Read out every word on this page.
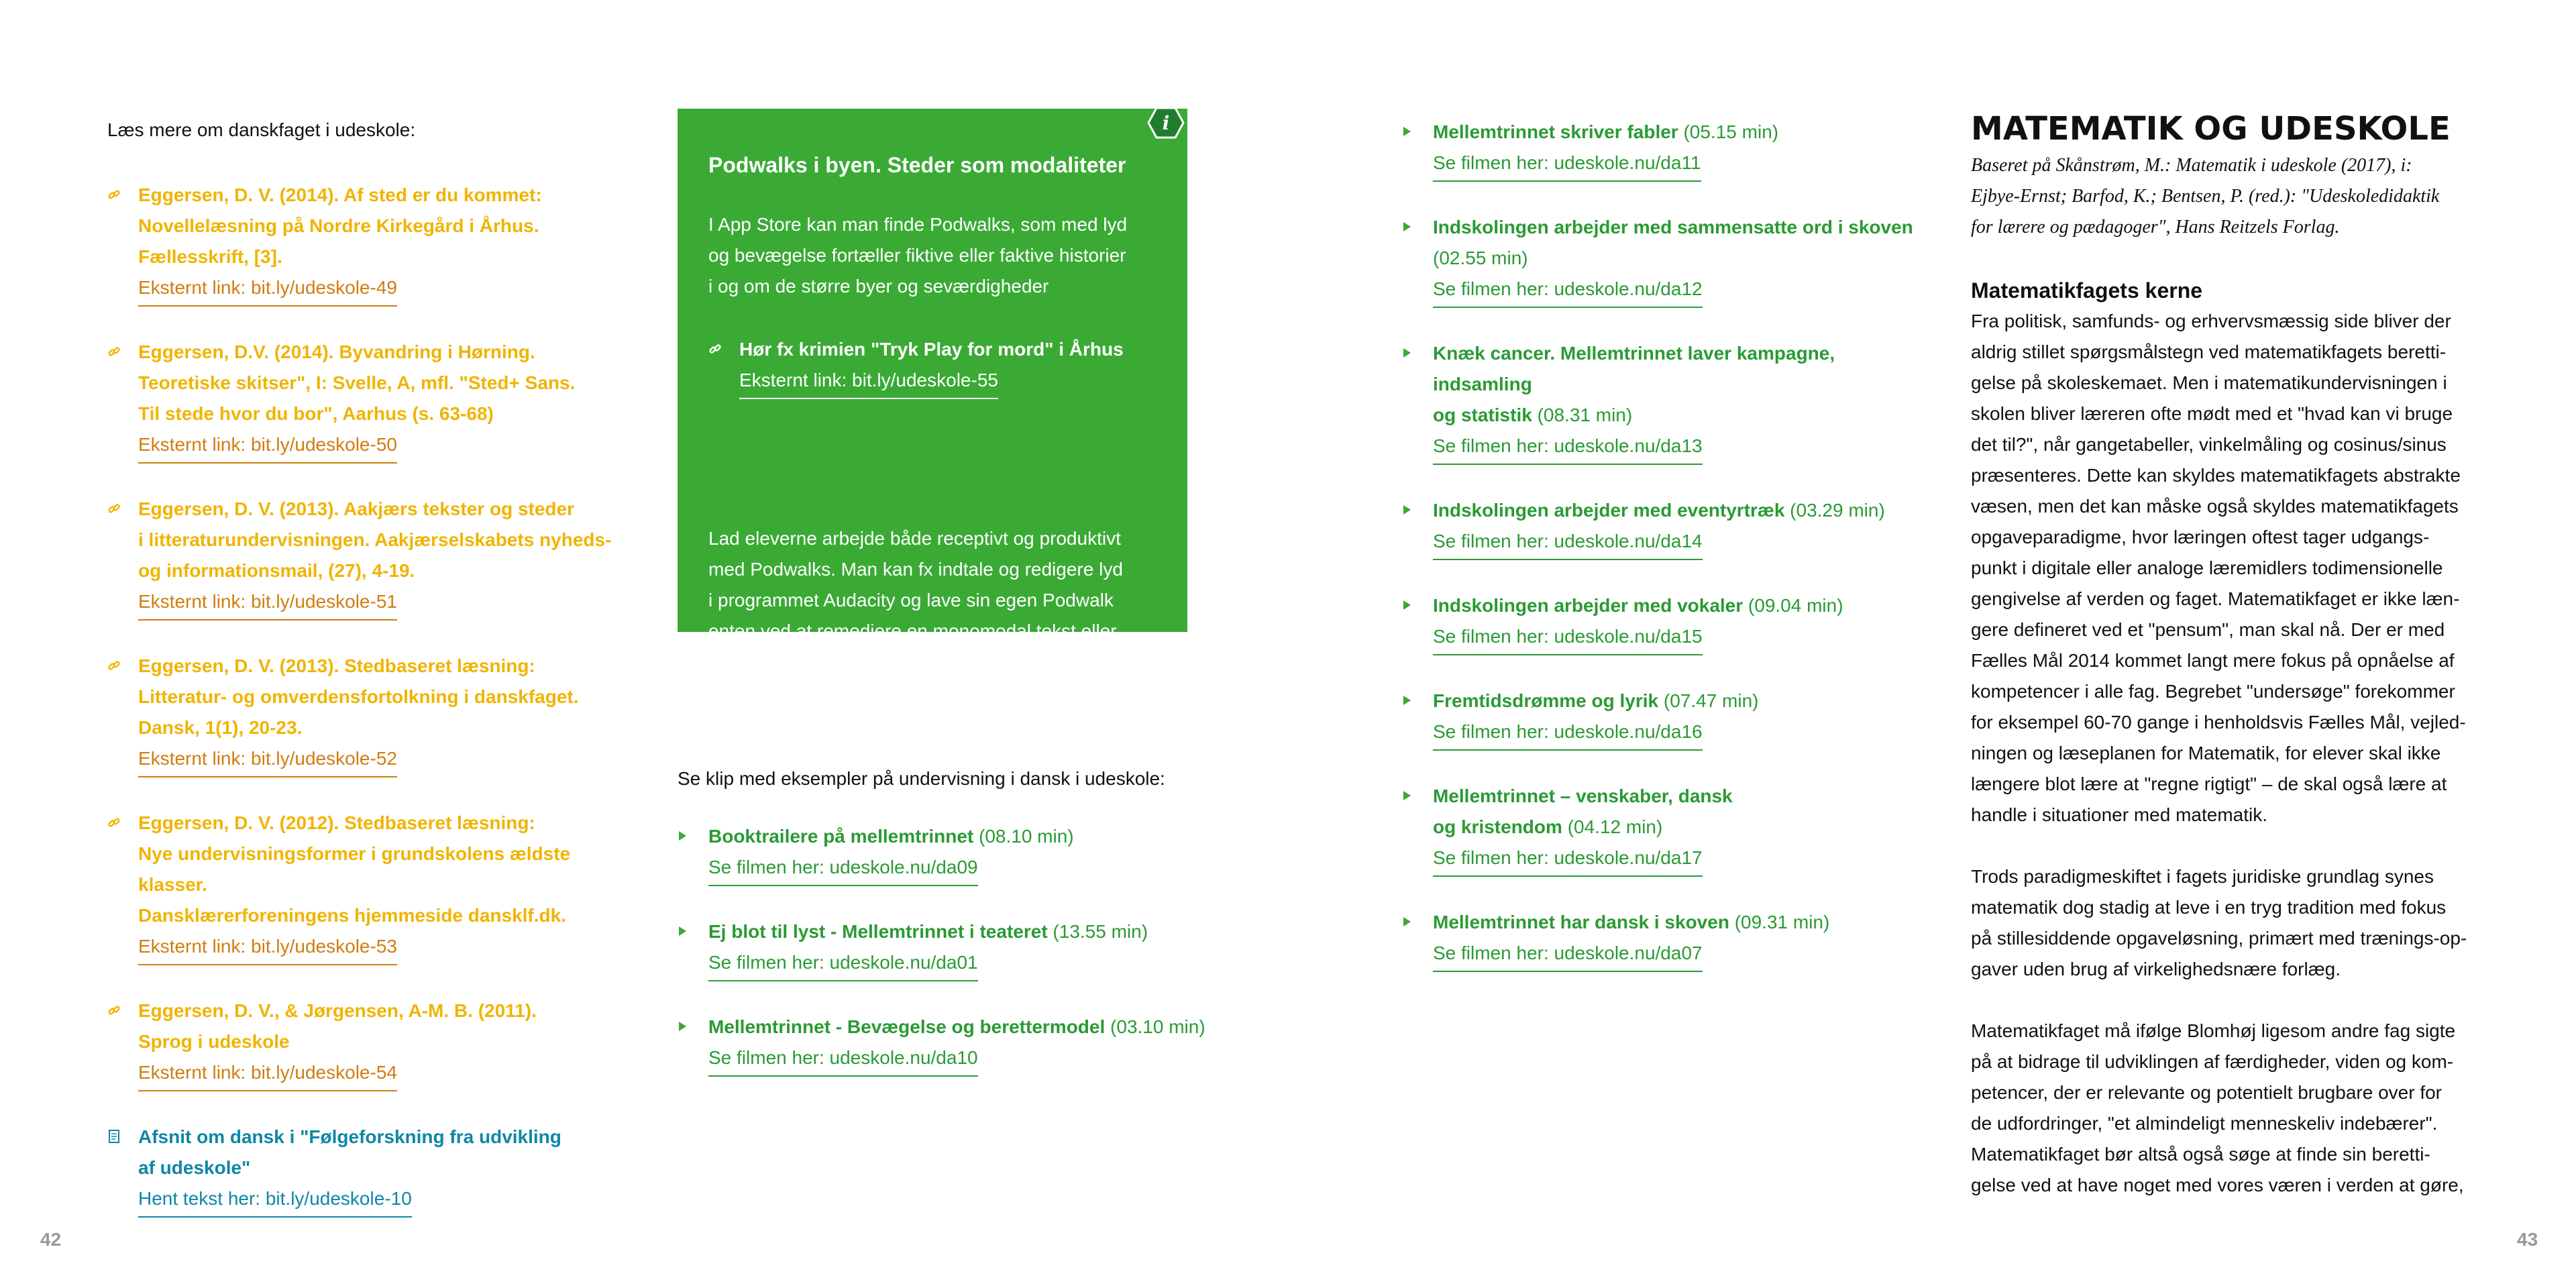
Læs mere om danskfaget i udeskole:

Eggersen, D. V. (2014). Af sted er du kommet:
Novellelæsning på Nordre Kirkegård i Århus.
Fællesskrift, [3].
Eksternt link: bit.ly/udeskole-49
Eggersen, D.V. (2014). Byvandring i Hørning.
Teoretiske skitser", I: Svelle, A, mfl. "Sted+ Sans.
Til stede hvor du bor", Aarhus (s. 63-68)
Eksternt link: bit.ly/udeskole-50
Eggersen, D. V. (2013). Aakjærs tekster og steder
i litteraturundervisningen. Aakjærselskabets nyheds-
og informationsmail, (27), 4-19.
Eksternt link: bit.ly/udeskole-51
Eggersen, D. V. (2013). Stedbaseret læsning:
Litteratur- og omverdensfortolkning i danskfaget.
Dansk, 1(1), 20-23.
Eksternt link: bit.ly/udeskole-52
Eggersen, D. V. (2012). Stedbaseret læsning:
Nye undervisningsformer i grundskolens ældste klasser.
Dansklærerforeningens hjemmeside dansklf.dk.
Eksternt link: bit.ly/udeskole-53
Eggersen, D. V., & Jørgensen, A-M. B. (2011).
Sprog i udeskole
Eksternt link: bit.ly/udeskole-54
Afsnit om dansk i "Følgeforskning fra udvikling
af udeskole"
Hent tekst her: bit.ly/udeskole-10
i
Podwalks i byen. Steder som modaliteter

I App Store kan man finde Podwalks, som med lyd
og bevægelse fortæller fiktive eller faktive historier
i og om de større byer og seværdigheder

Hør fx krimien "Tryk Play for mord" i Århus
Eksternt link: bit.ly/udeskole-55

Lad eleverne arbejde både receptivt og produktivt
med Podwalks. Man kan fx indtale og redigere lyd
i programmet Audacity og lave sin egen Podwalk
enten ved at remediere en monomodal tekst eller
ved at indspillesin egen.

Se klip med eksempler på undervisning i dansk i udeskole:

Booktrailere på mellemtrinnet (08.10 min)
Se filmen her: udeskole.nu/da09
Ej blot til lyst - Mellemtrinnet i teateret (13.55 min)
Se filmen her: udeskole.nu/da01
Mellemtrinnet - Bevægelse og berettermodel (03.10 min)
Se filmen her: udeskole.nu/da10
Mellemtrinnet skriver fabler (05.15 min)
Se filmen her: udeskole.nu/da11
Indskolingen arbejder med sammensatte ord i skoven
(02.55 min)
Se filmen her: udeskole.nu/da12
Knæk cancer. Mellemtrinnet laver kampagne, indsamling
og statistik (08.31 min)
Se filmen her: udeskole.nu/da13
Indskolingen arbejder med eventyrtræk (03.29 min)
Se filmen her: udeskole.nu/da14
Indskolingen arbejder med vokaler (09.04 min)
Se filmen her: udeskole.nu/da15
Fremtidsdrømme og lyrik (07.47 min)
Se filmen her: udeskole.nu/da16
Mellemtrinnet – venskaber, dansk
og kristendom (04.12 min)
Se filmen her: udeskole.nu/da17
Mellemtrinnet har dansk i skoven (09.31 min)
Se filmen her: udeskole.nu/da07
MATEMATIK OG UDESKOLE

Baseret på Skånstrøm, M.: Matematik i udeskole (2017), i:
Ejbye-Ernst; Barfod, K.; Bentsen, P. (red.): "Udeskoledidaktik
for lærere og pædagoger", Hans Reitzels Forlag.

Matematikfagets kerne

Fra politisk, samfunds- og erhvervsmæssig side bliver der
aldrig stillet spørgsmålstegn ved matematikfagets beretti-
gelse på skoleskemaet. Men i matematikundervisningen i
skolen bliver læreren ofte mødt med et "hvad kan vi bruge
det til?", når gangetabeller, vinkelmåling og cosinus/sinus
præsenteres. Dette kan skyldes matematikfagets abstrakte
væsen, men det kan måske også skyldes matematikfagets
opgaveparadigme, hvor læringen oftest tager udgangs-
punkt i digitale eller analoge læremidlers todimensionelle
gengivelse af verden og faget. Matematikfaget er ikke læn-
gere defineret ved et "pensum", man skal nå. Der er med
Fælles Mål 2014 kommet langt mere fokus på opnåelse af
kompetencer i alle fag. Begrebet "undersøge" forekommer
for eksempel 60-70 gange i henholdsvis Fælles Mål, vejled-
ningen og læseplanen for Matematik, for elever skal ikke
længere blot lære at "regne rigtigt" – de skal også lære at
handle i situationer med matematik.

Trods paradigmeskiftet i fagets juridiske grundlag synes
matematik dog stadig at leve i en tryg tradition med fokus
på stillesiddende opgaveløsning, primært med trænings-op-
gaver uden brug af virkelighedsnære forlæg.

Matematikfaget må ifølge Blomhøj ligesom andre fag sigte
på at bidrage til udviklingen af færdigheder, viden og kom-
petencer, der er relevante og potentielt brugbare over for
de udfordringer, "et almindeligt menneskeliv indebærer".
Matematikfaget bør altså også søge at finde sin beretti-
gelse ved at have noget med vores væren i verden at gøre,

42	43
